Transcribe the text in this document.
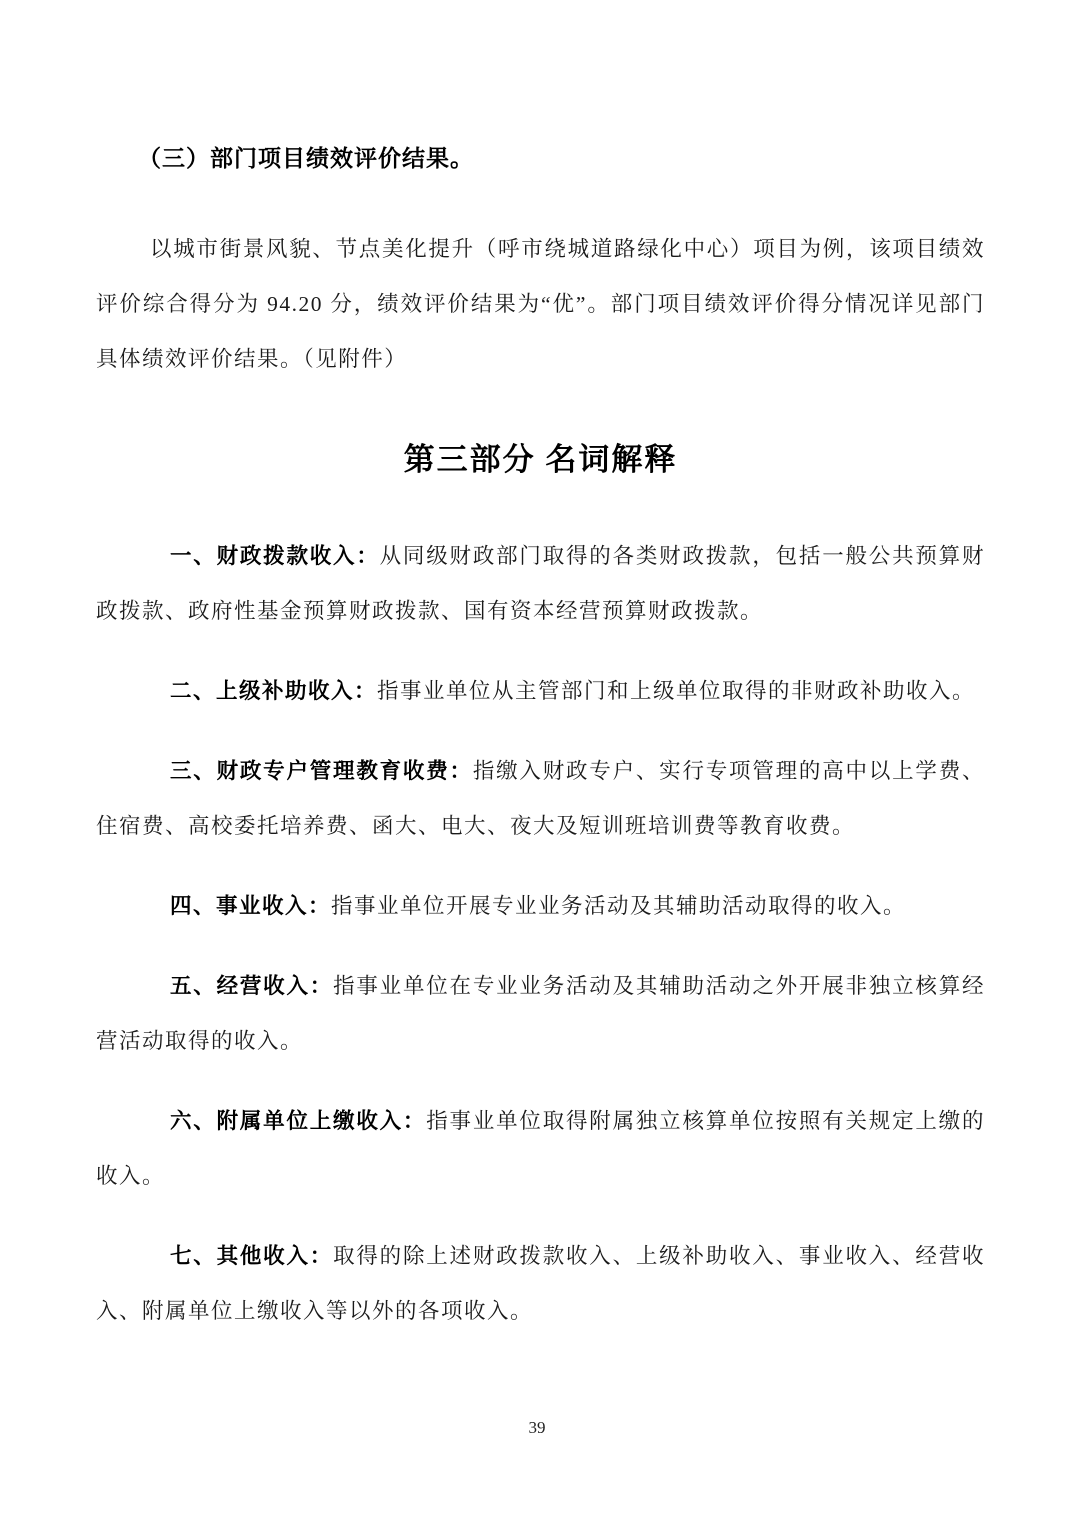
（三）部门项目绩效评价结果。

以城市街景风貌、节点美化提升（呼市绕城道路绿化中心）项目为例，该项目绩效评价综合得分为 94.20 分，绩效评价结果为“优”。部门项目绩效评价得分情况详见部门具体绩效评价结果。（见附件）

第三部分 名词解释

一、财政拨款收入：从同级财政部门取得的各类财政拨款，包括一般公共预算财政拨款、政府性基金预算财政拨款、国有资本经营预算财政拨款。

二、上级补助收入：指事业单位从主管部门和上级单位取得的非财政补助收入。

三、财政专户管理教育收费：指缴入财政专户、实行专项管理的高中以上学费、住宿费、高校委托培养费、函大、电大、夜大及短训班培训费等教育收费。

四、事业收入：指事业单位开展专业业务活动及其辅助活动取得的收入。

五、经营收入：指事业单位在专业业务活动及其辅助活动之外开展非独立核算经营活动取得的收入。

六、附属单位上缴收入：指事业单位取得附属独立核算单位按照有关规定上缴的收入。

七、其他收入：取得的除上述财政拨款收入、上级补助收入、事业收入、经营收入、附属单位上缴收入等以外的各项收入。

39
